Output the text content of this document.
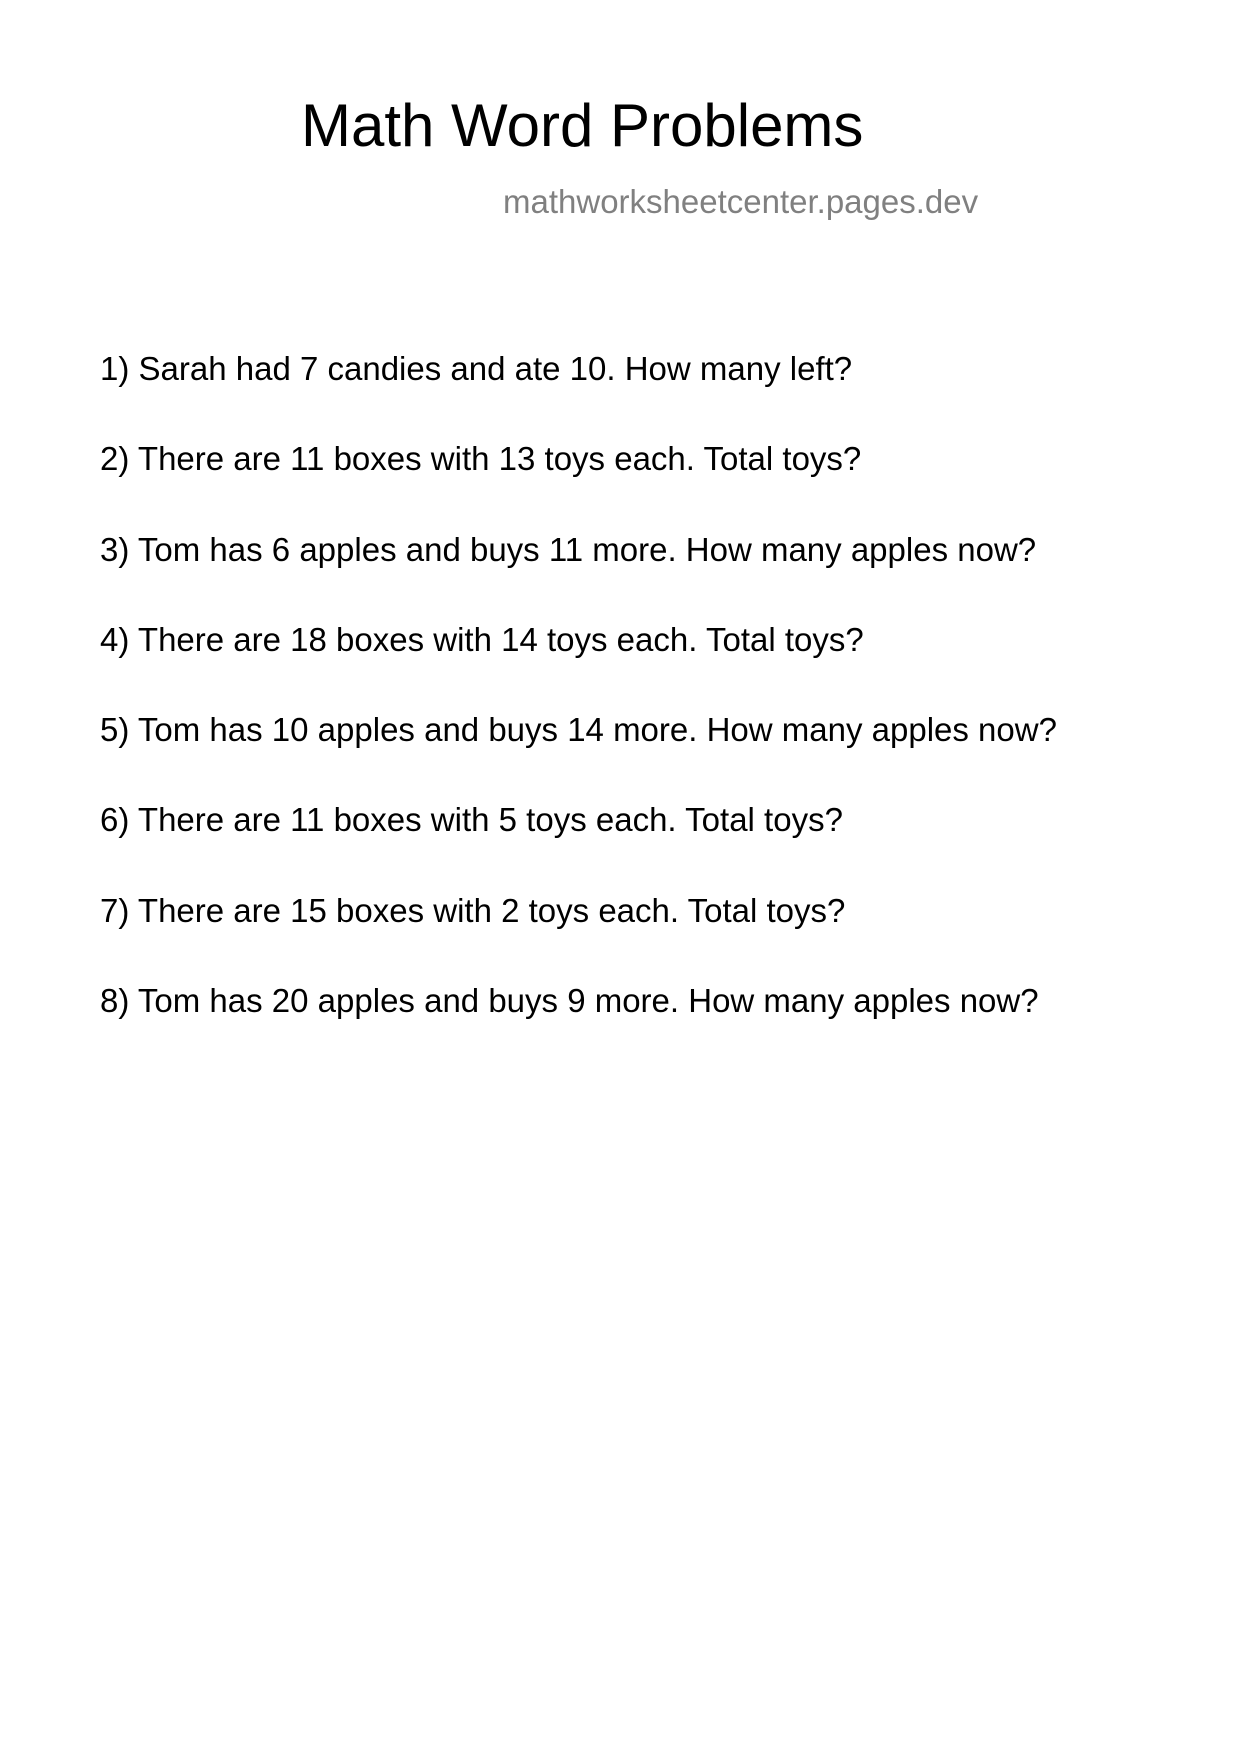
Math Word Problems
mathworksheetcenter.pages.dev
1) Sarah had 7 candies and ate 10. How many left?
2) There are 11 boxes with 13 toys each. Total toys?
3) Tom has 6 apples and buys 11 more. How many apples now?
4) There are 18 boxes with 14 toys each. Total toys?
5) Tom has 10 apples and buys 14 more. How many apples now?
6) There are 11 boxes with 5 toys each. Total toys?
7) There are 15 boxes with 2 toys each. Total toys?
8) Tom has 20 apples and buys 9 more. How many apples now?
